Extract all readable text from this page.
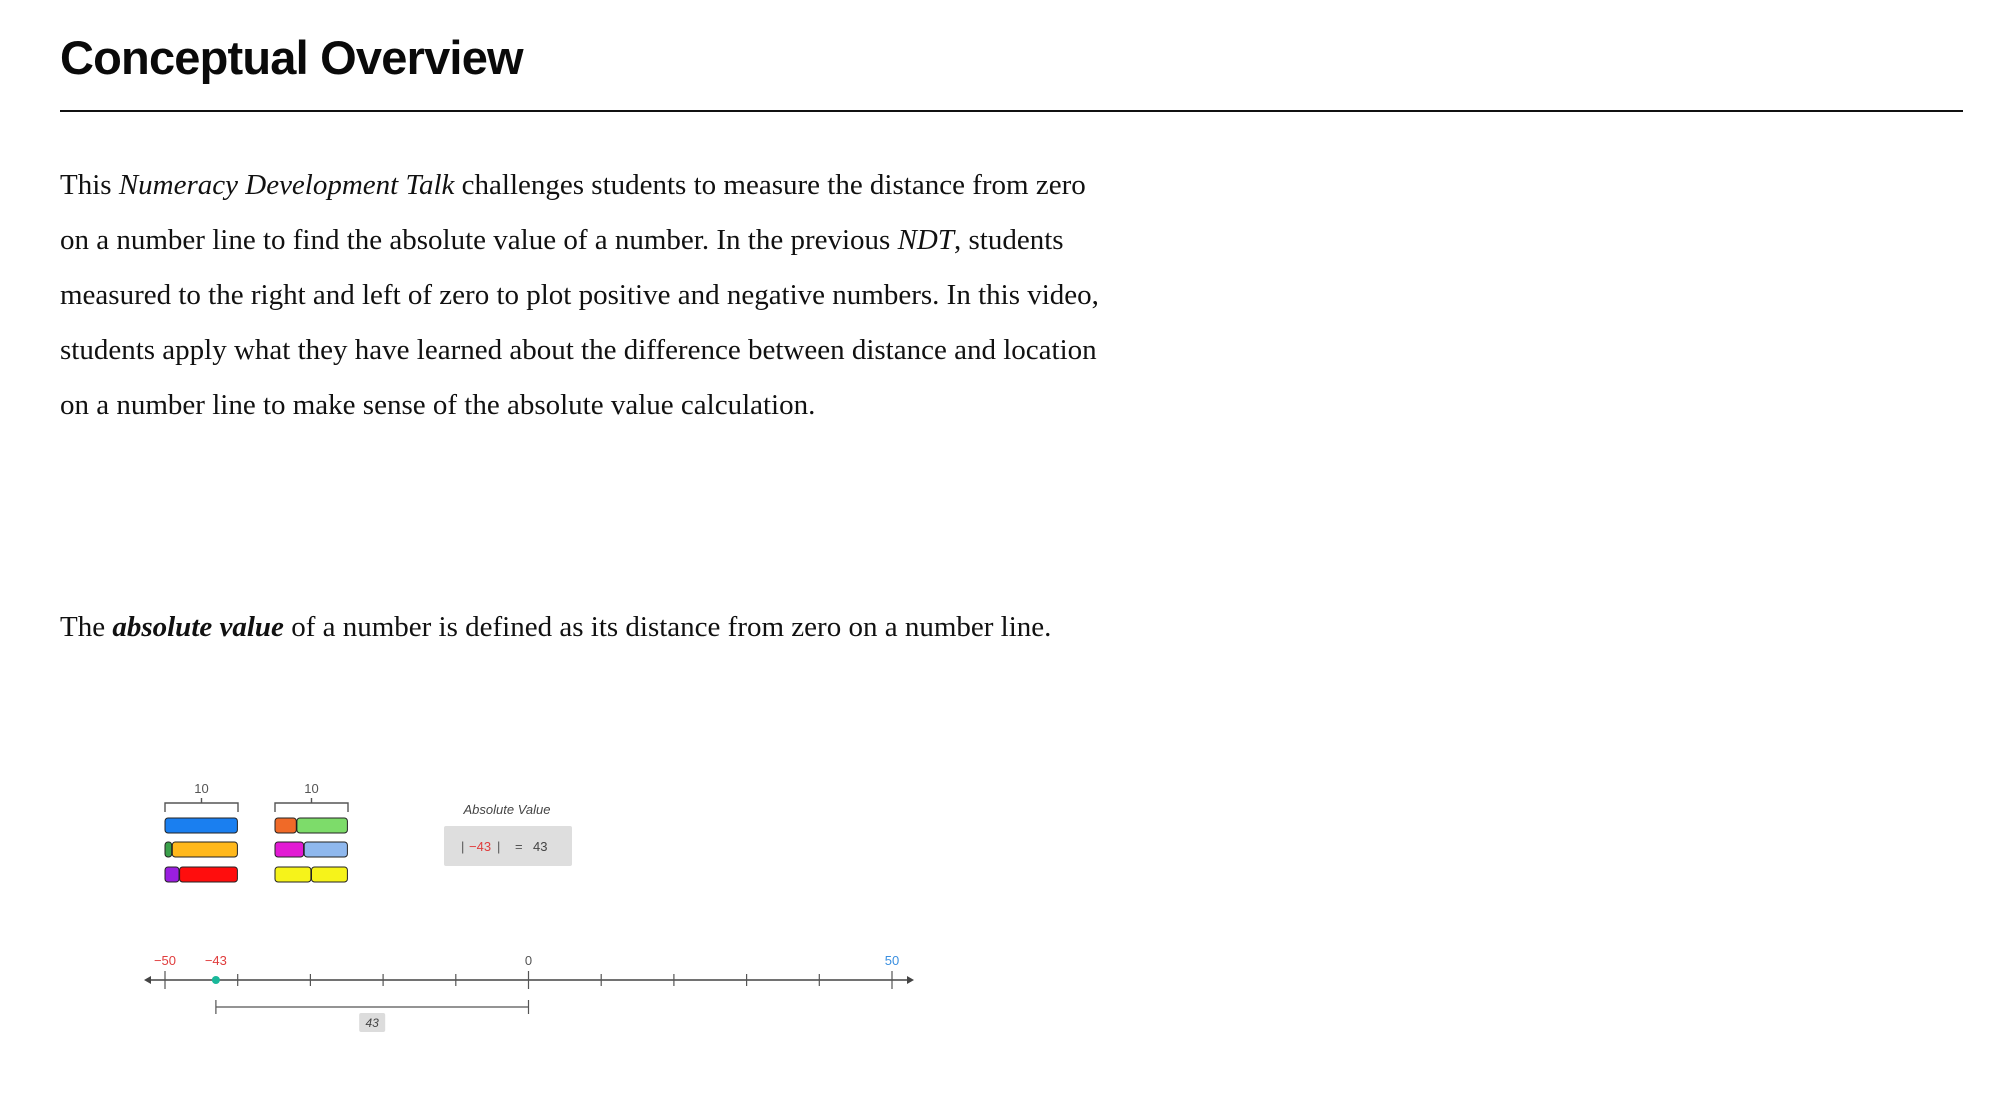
Conceptual Overview

This Numeracy Development Talk challenges students to measure the distance from zero on a number line to find the absolute value of a number. In the previous NDT, students measured to the right and left of zero to plot positive and negative numbers. In this video, students apply what they have learned about the difference between distance and location on a number line to make sense of the absolute value calculation.

The absolute value of a number is defined as its distance from zero on a number line.

10	10
Absolute Value
| −43 | = 43
−50 −43	0	50
43
